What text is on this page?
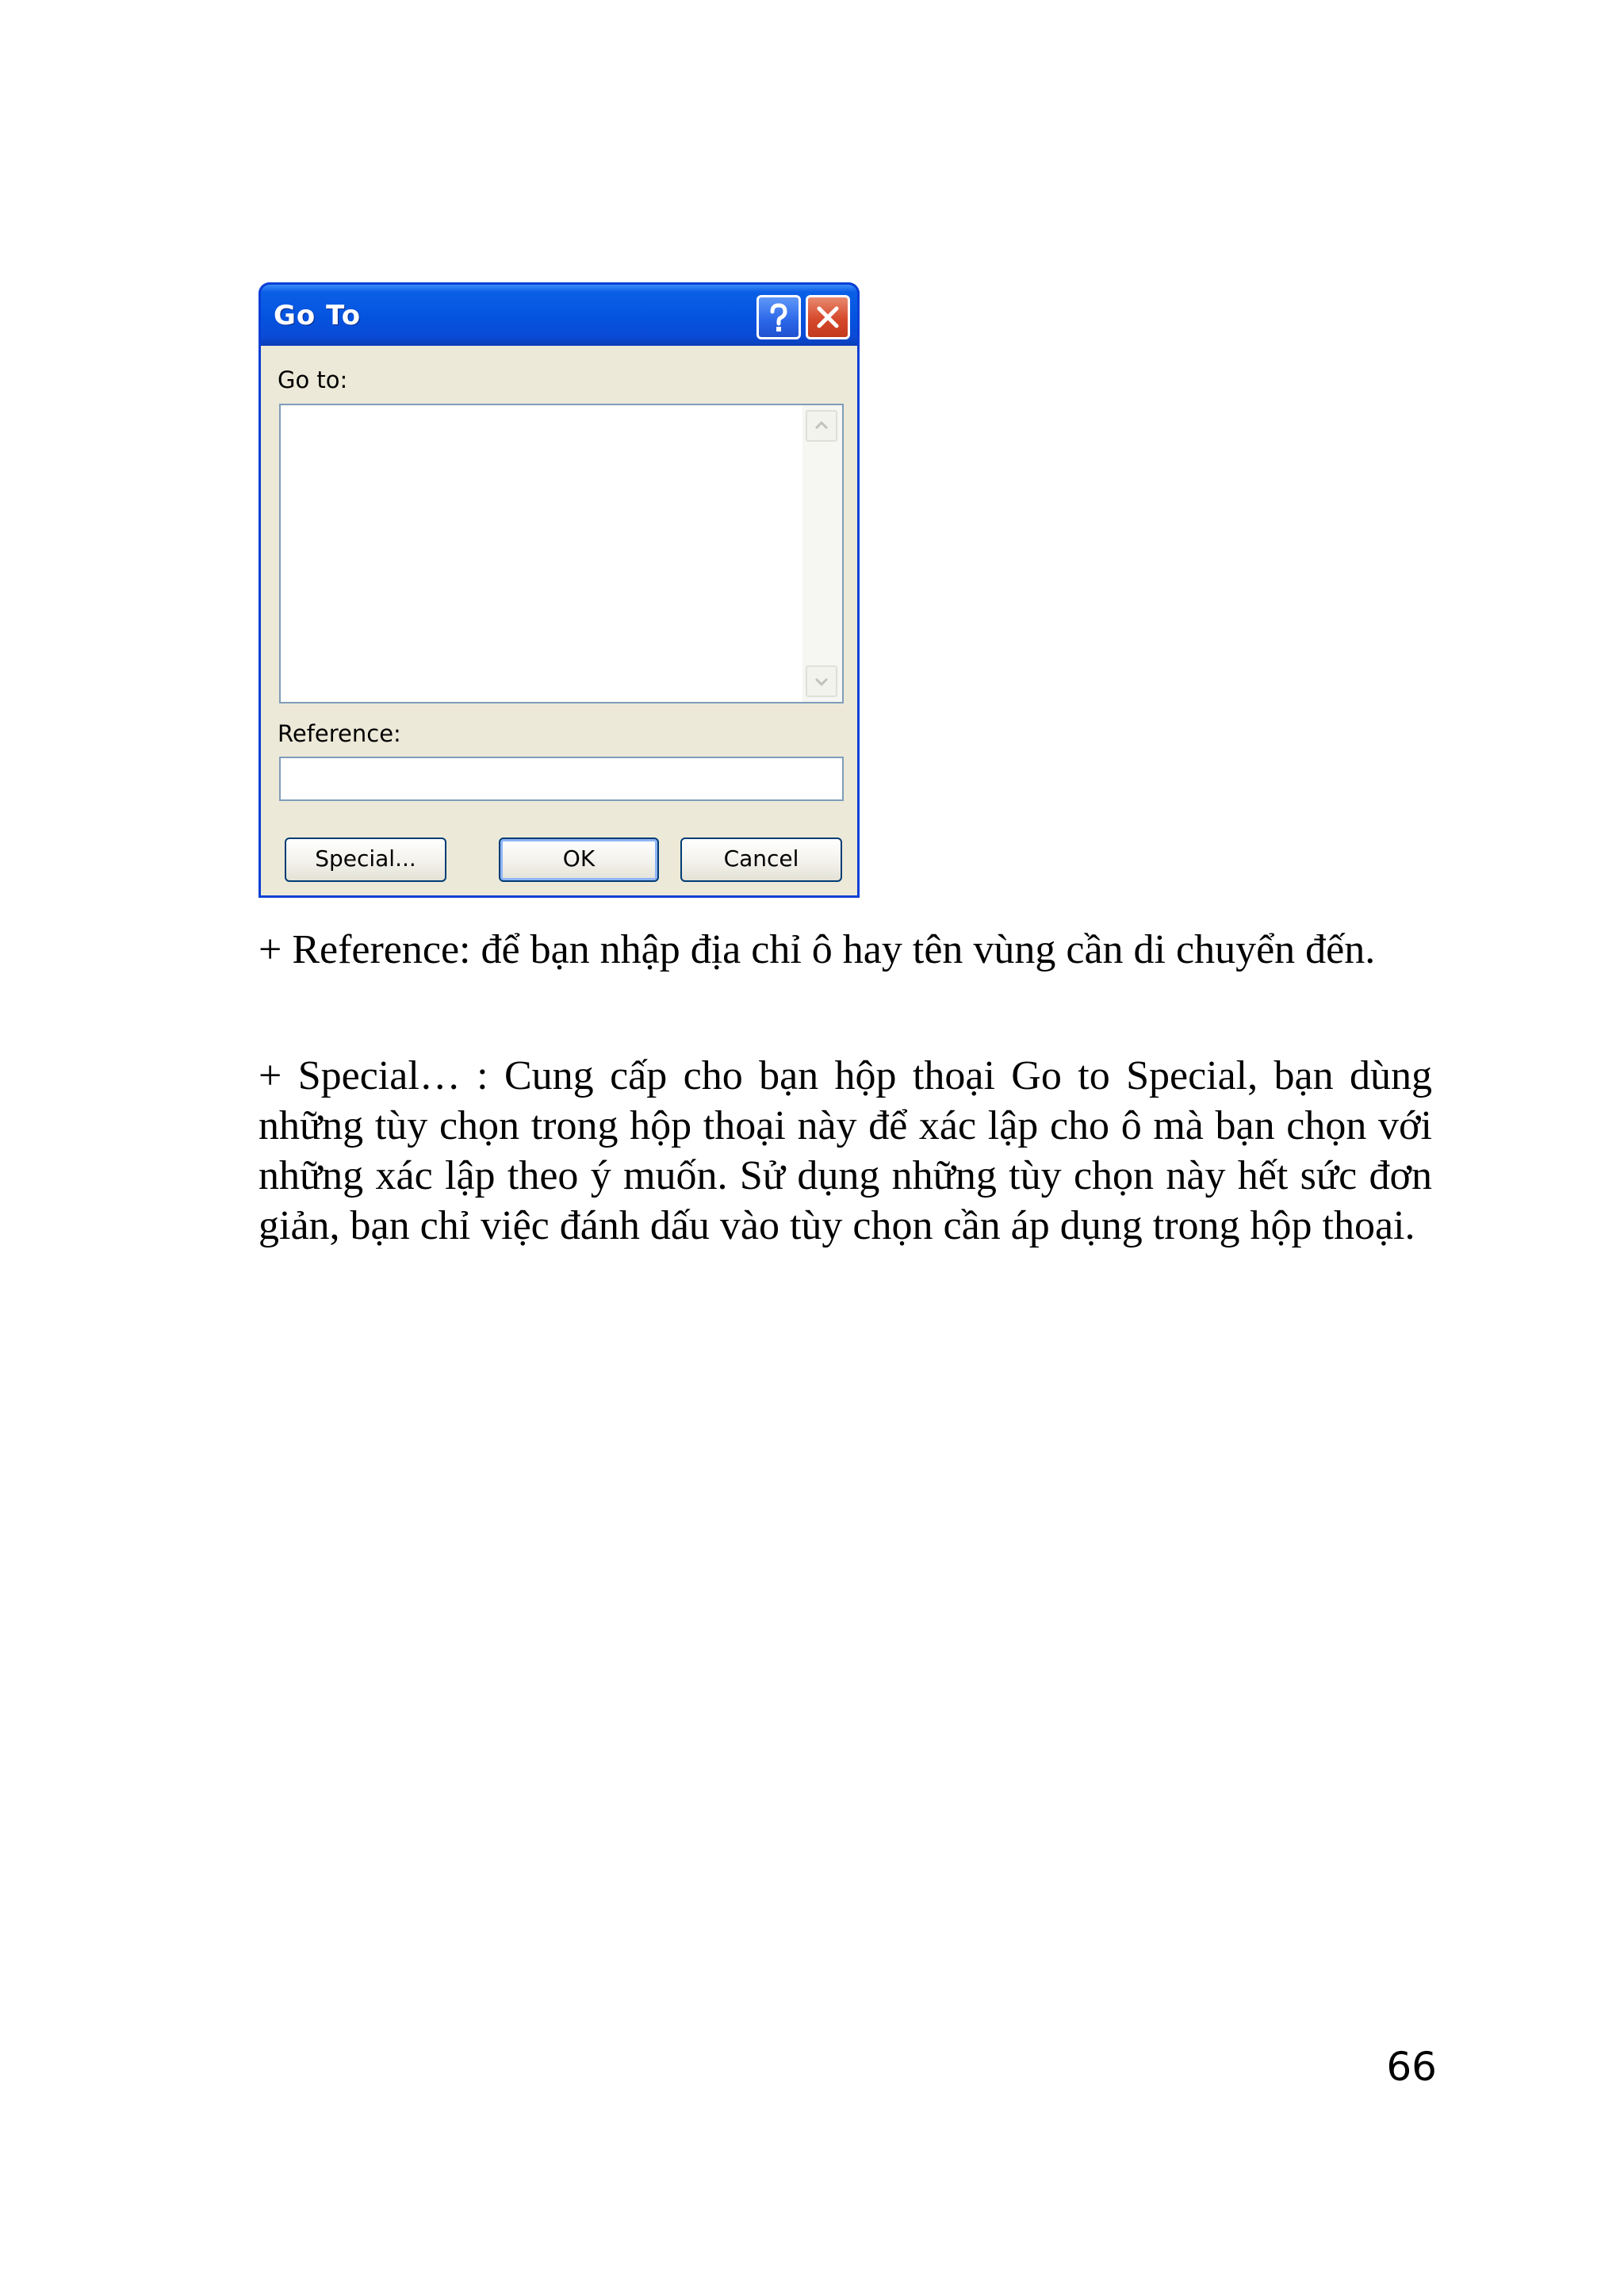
Go To
Go to:
Reference:
Special...	OK	Cancel

+ Reference: để bạn nhập địa chỉ ô hay tên vùng cần di chuyển đến.

+ Special… : Cung cấp cho bạn hộp thoại Go to Special, bạn dùng những tùy chọn trong hộp thoại này để xác lập cho ô mà bạn chọn với những xác lập theo ý muốn. Sử dụng những tùy chọn này hết sức đơn giản, bạn chỉ việc đánh dấu vào tùy chọn cần áp dụng trong hộp thoại.

66
